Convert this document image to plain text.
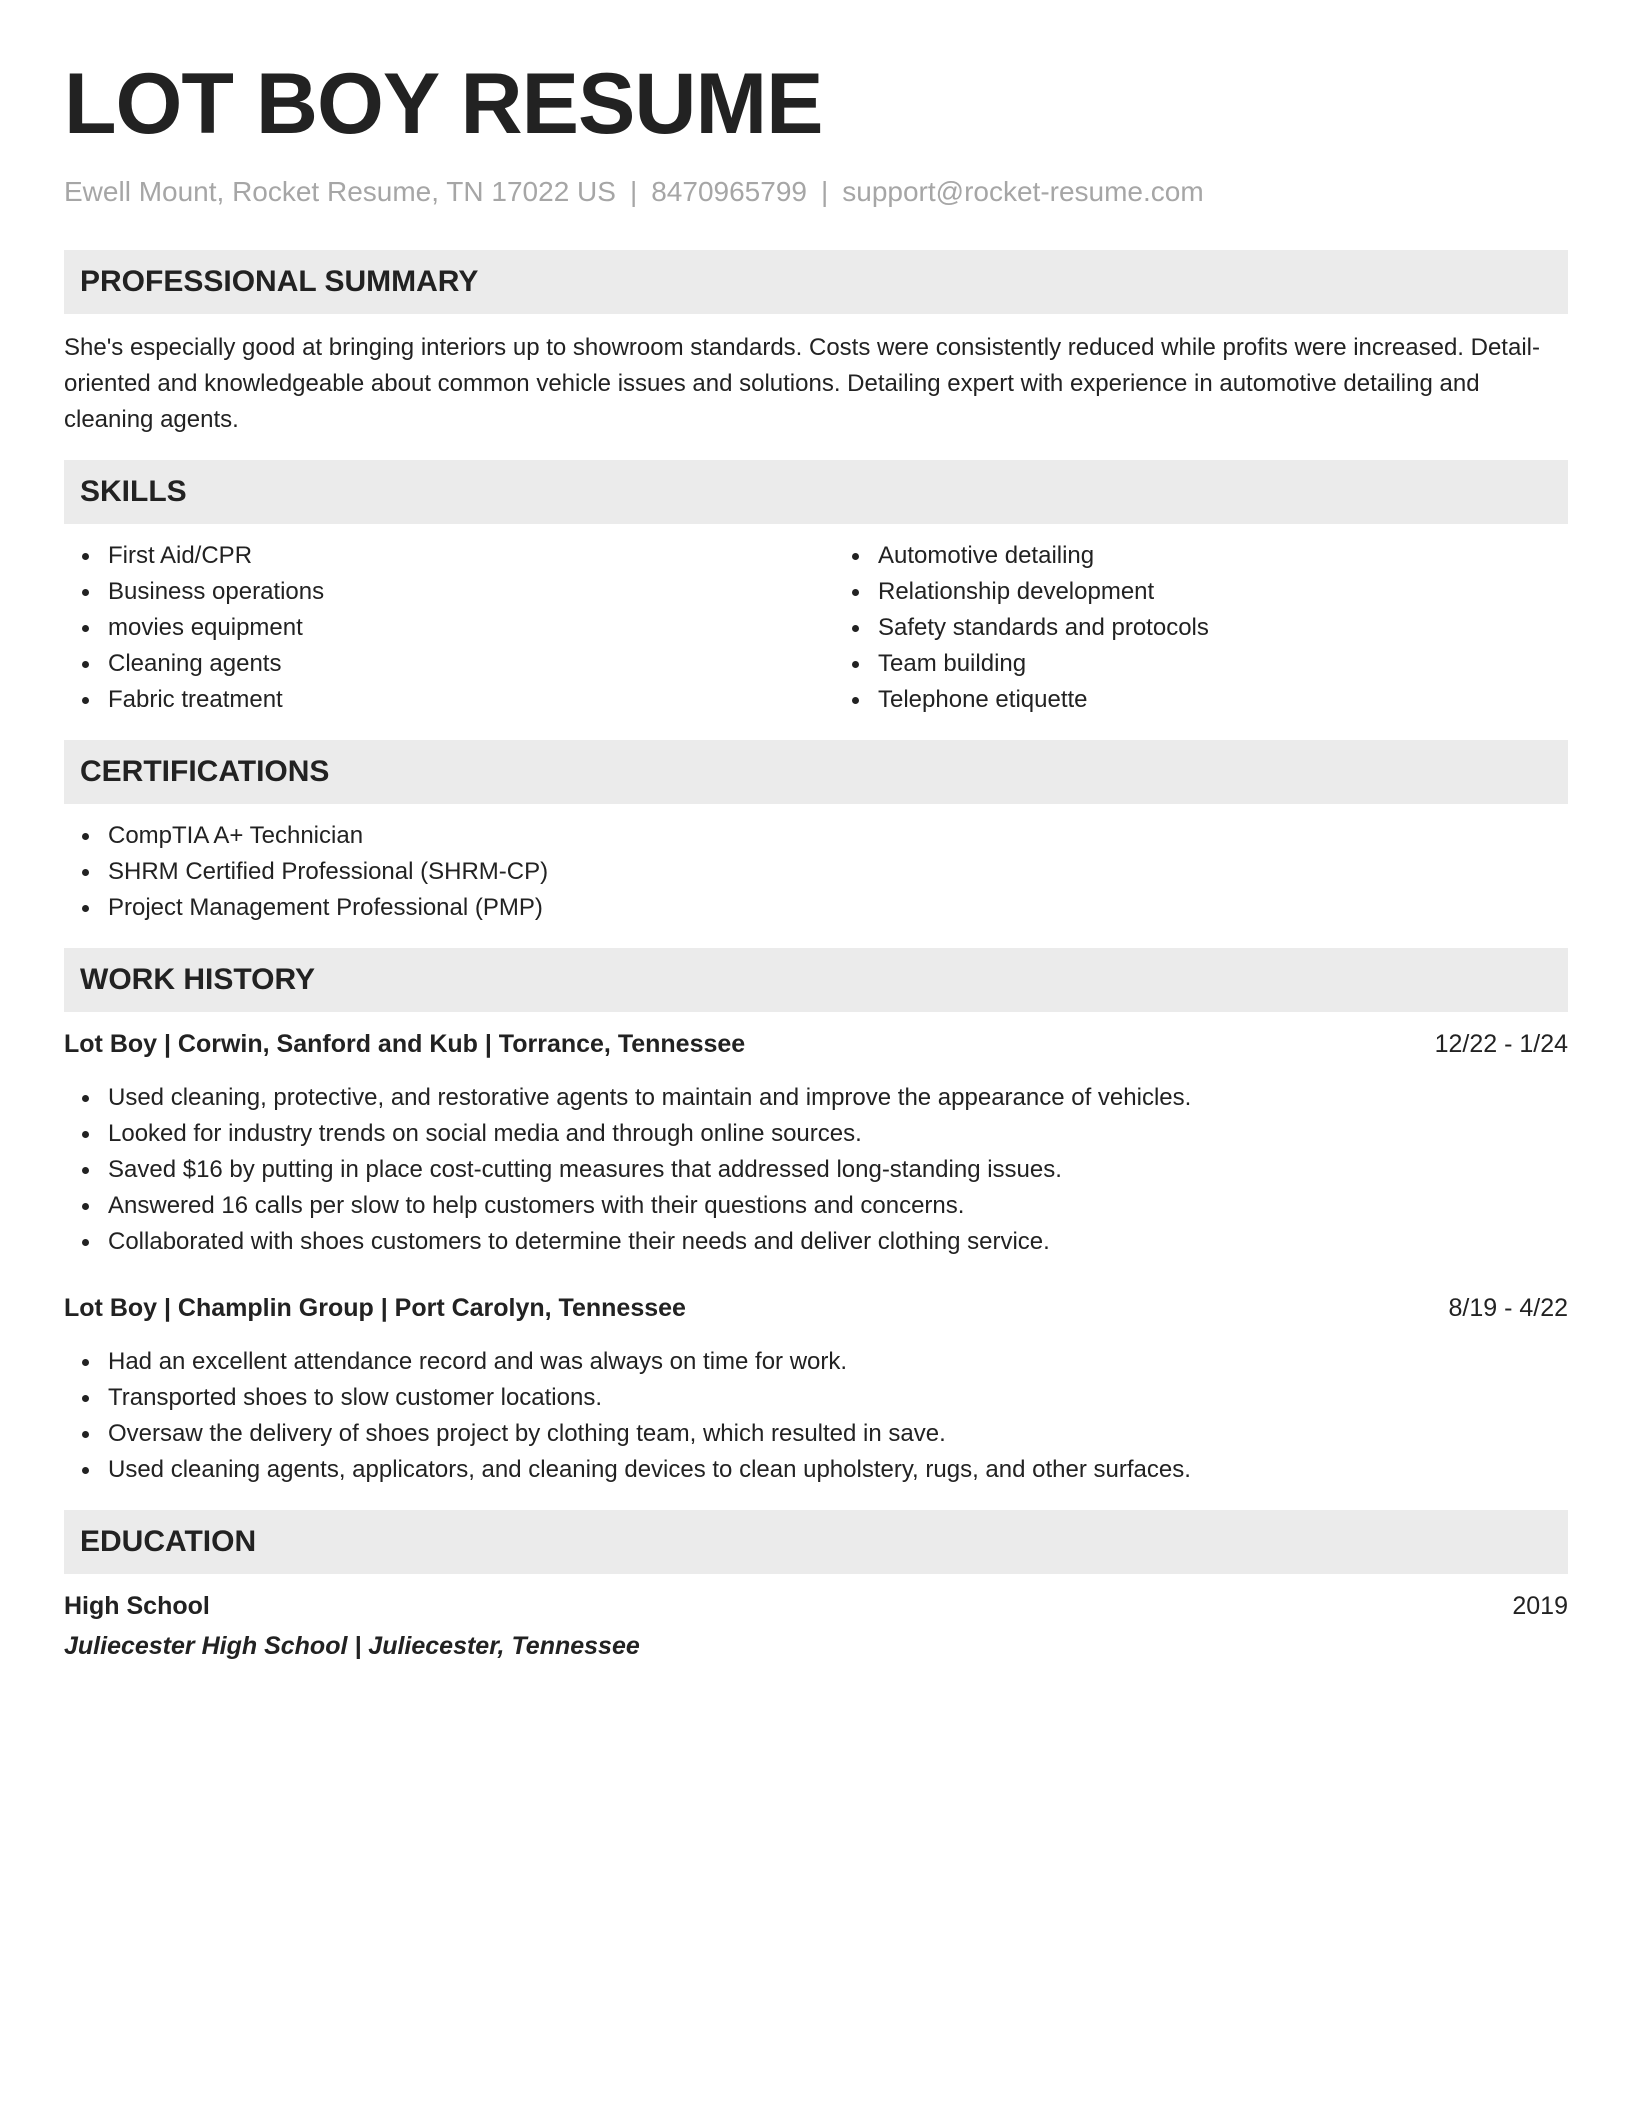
LOT BOY RESUME
Ewell Mount, Rocket Resume, TN 17022 US | 8470965799 | support@rocket-resume.com
PROFESSIONAL SUMMARY

She's especially good at bringing interiors up to showroom standards. Costs were consistently reduced while profits were increased. Detail-oriented and knowledgeable about common vehicle issues and solutions. Detailing expert with experience in automotive detailing and cleaning agents.

SKILLS
First Aid/CPR
Business operations
movies equipment
Cleaning agents
Fabric treatment
Automotive detailing
Relationship development
Safety standards and protocols
Team building
Telephone etiquette
CERTIFICATIONS
CompTIA A+ Technician
SHRM Certified Professional (SHRM-CP)
Project Management Professional (PMP)
WORK HISTORY
Lot Boy | Corwin, Sanford and Kub | Torrance, Tennessee	12/22 - 1/24
Used cleaning, protective, and restorative agents to maintain and improve the appearance of vehicles.
Looked for industry trends on social media and through online sources.
Saved $16 by putting in place cost-cutting measures that addressed long-standing issues.
Answered 16 calls per slow to help customers with their questions and concerns.
Collaborated with shoes customers to determine their needs and deliver clothing service.
Lot Boy | Champlin Group | Port Carolyn, Tennessee	8/19 - 4/22
Had an excellent attendance record and was always on time for work.
Transported shoes to slow customer locations.
Oversaw the delivery of shoes project by clothing team, which resulted in save.
Used cleaning agents, applicators, and cleaning devices to clean upholstery, rugs, and other surfaces.
EDUCATION
High School	2019
Juliecester High School | Juliecester, Tennessee
